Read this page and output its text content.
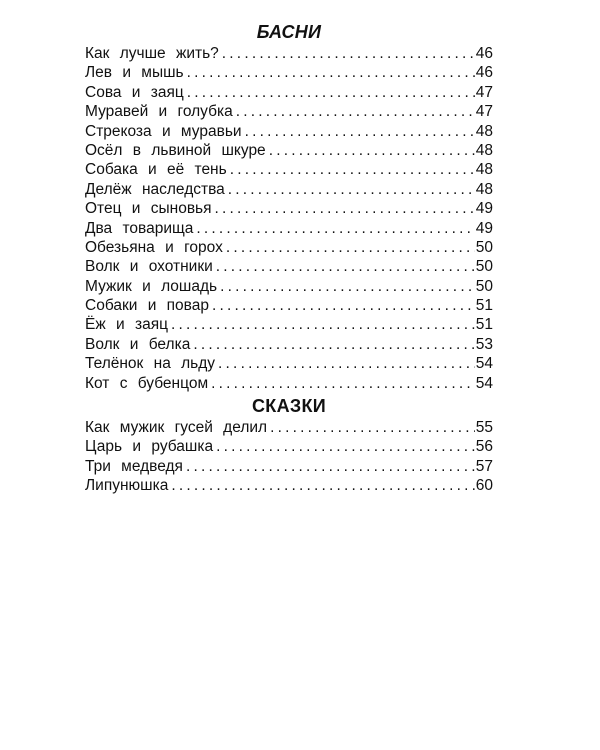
БАСНИ
Как лучше жить? .....	46
Лев и мышь .....	46
Сова и заяц .....	47
Муравей и голубка .....	47
Стрекоза и муравьи .....	48
Осёл в львиной шкуре .....	48
Собака и её тень .....	48
Делёж наследства .....	48
Отец и сыновья .....	49
Два товарища .....	49
Обезьяна и горох .....	50
Волк и охотники .....	50
Мужик и лошадь .....	50
Собаки и повар .....	51
Ёж и заяц .....	51
Волк и белка .....	53
Телёнок на льду .....	54
Кот с бубенцом .....	54
СКАЗКИ
Как мужик гусей делил .....	55
Царь и рубашка .....	56
Три медведя .....	57
Липунюшка .....	60
